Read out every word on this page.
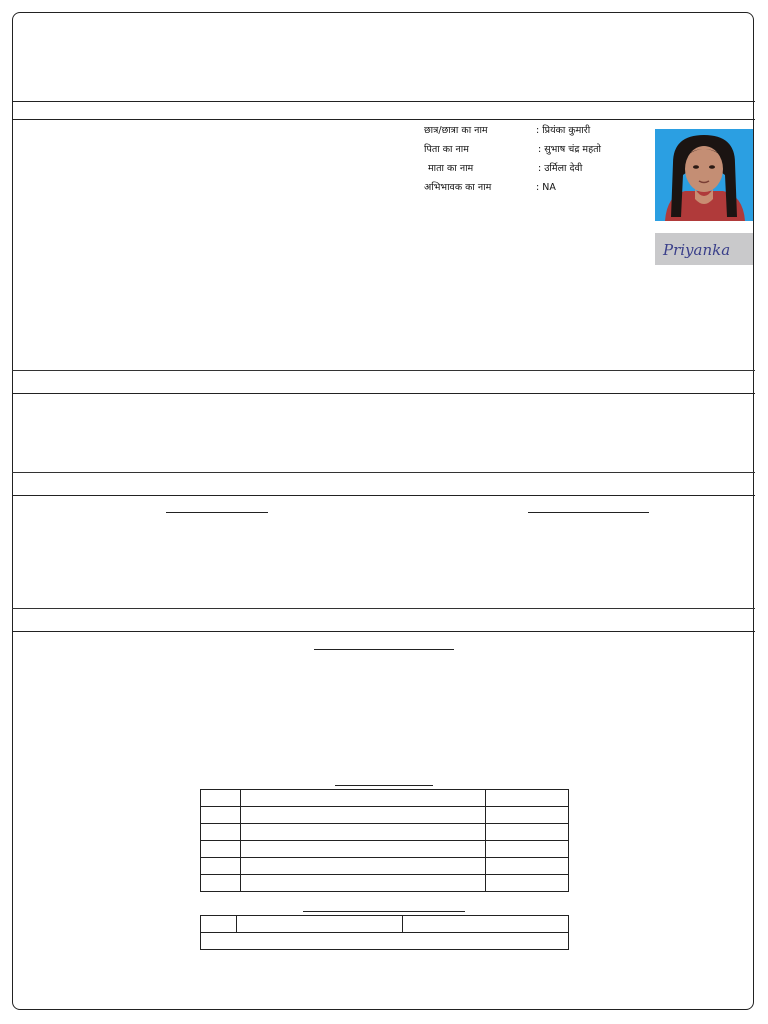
छात्र/छात्रा का नाम	: प्रियंका कुमारी
पिता का नाम	: सुभाष चंद्र महतो
माता का नाम	: उर्मिला देवी
अभिभावक का नाम	: NA
Priyanka
